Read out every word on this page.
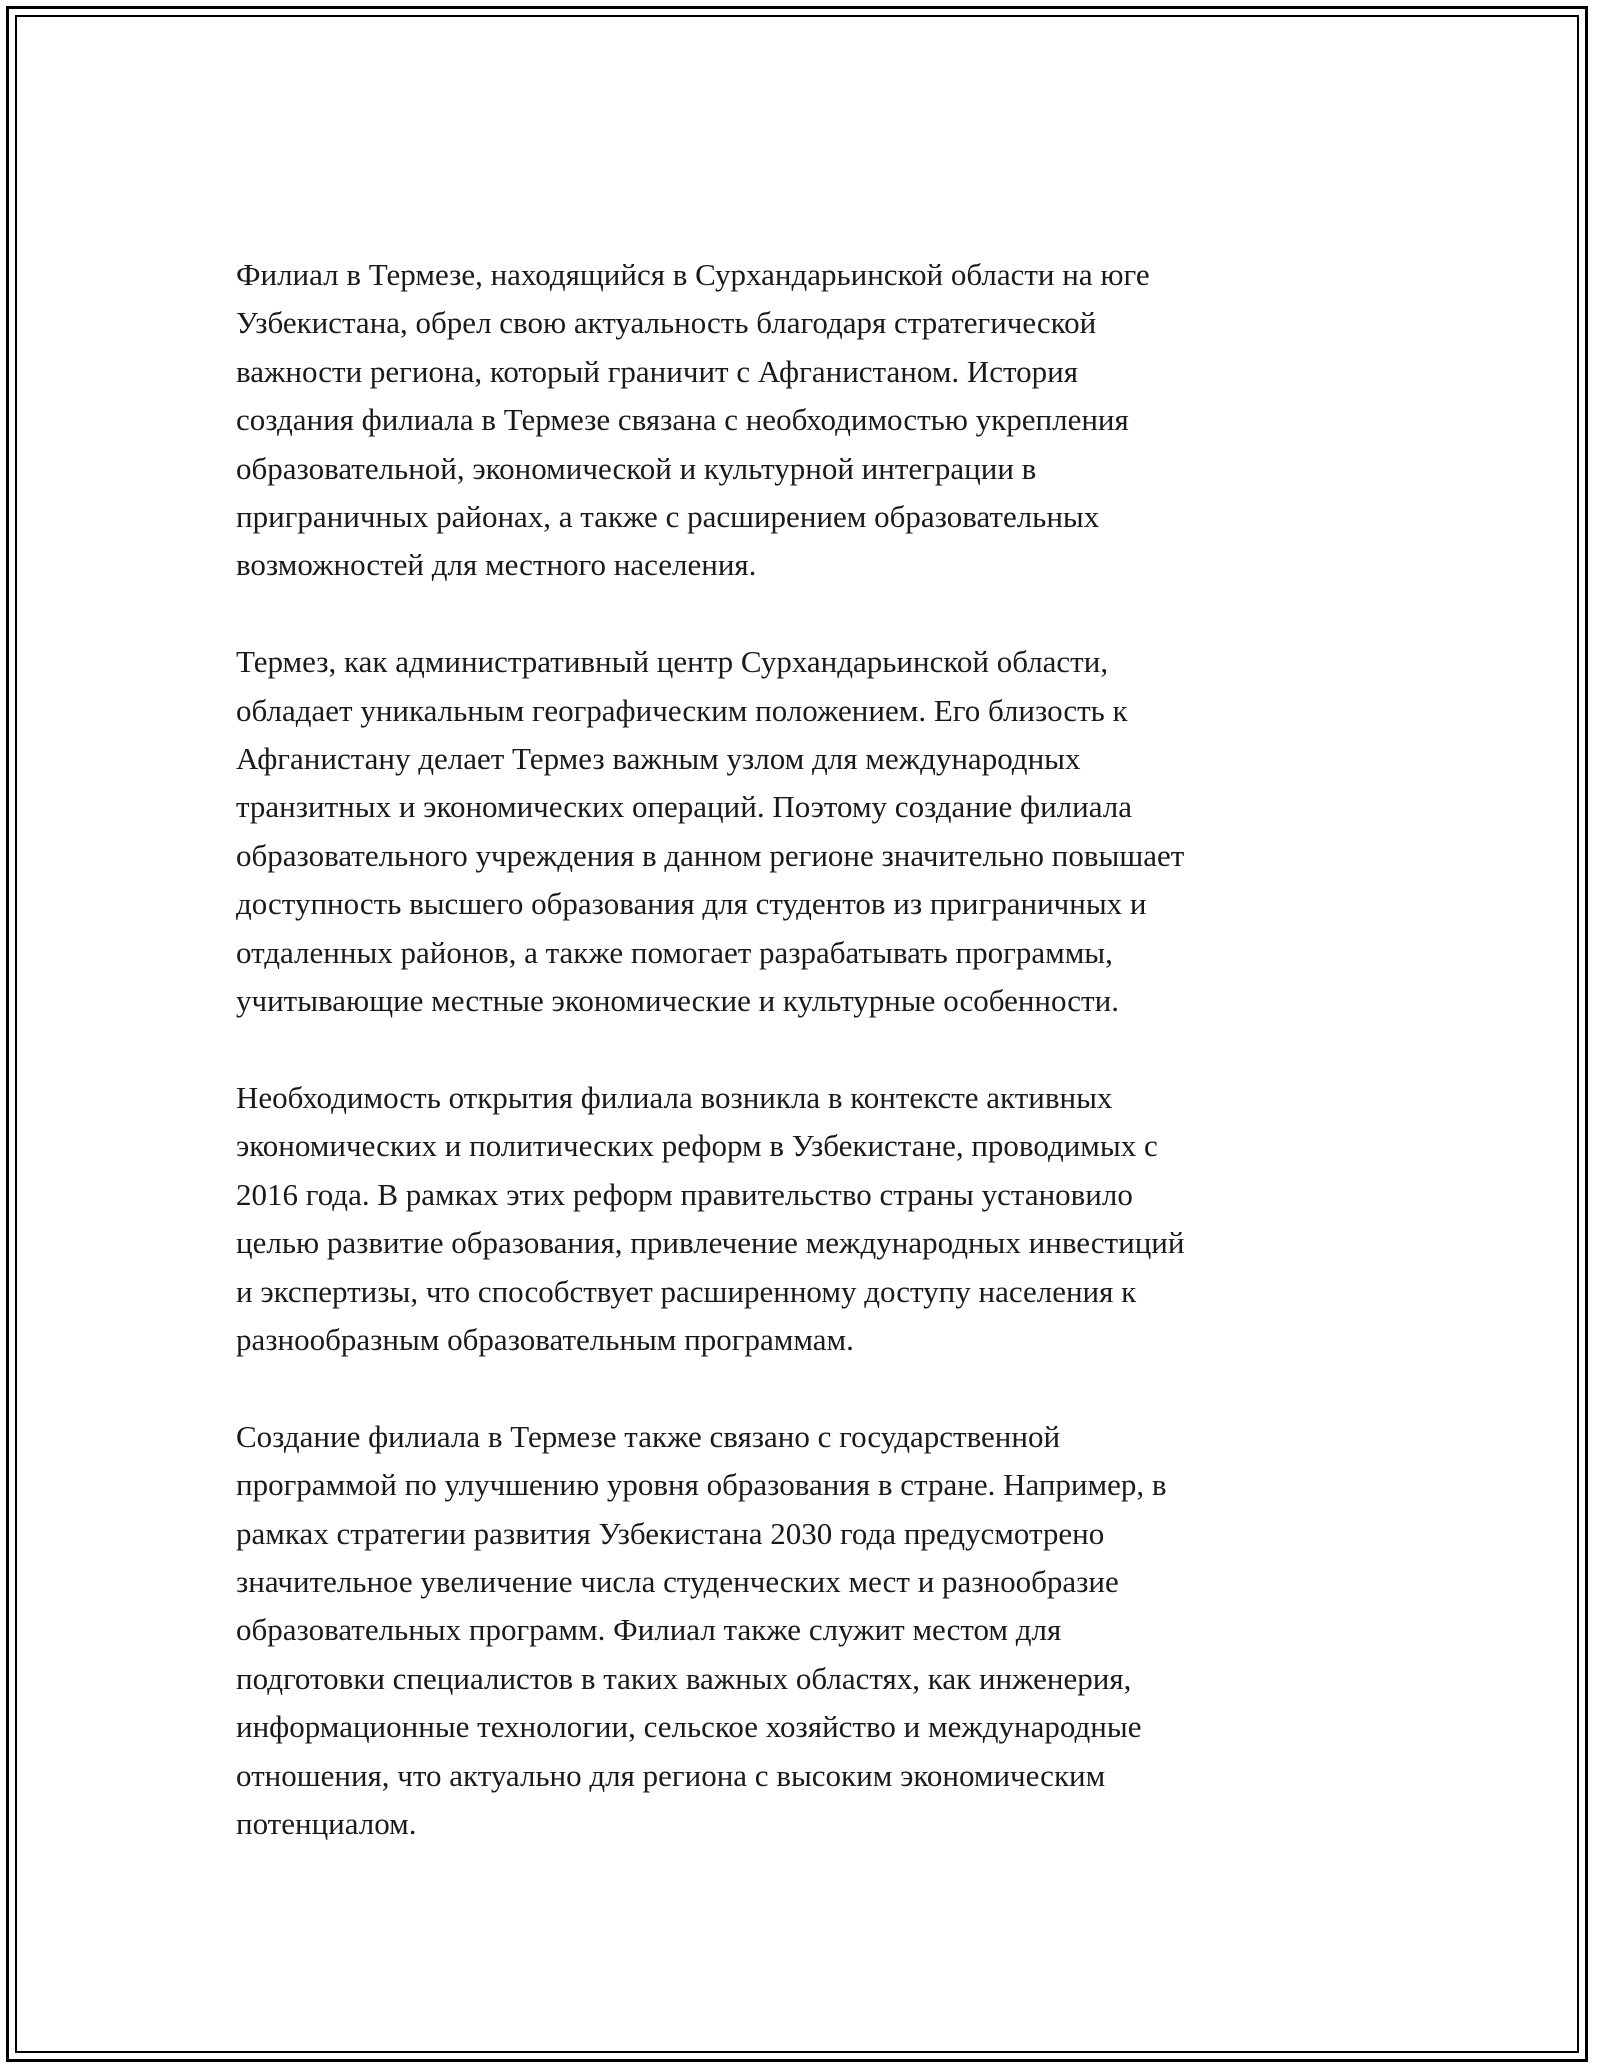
Филиал в Термезе, находящийся в Сурхандарьинской области на юге
Узбекистана, обрел свою актуальность благодаря стратегической
важности региона, который граничит с Афганистаном. История
создания филиала в Термезе связана с необходимостью укрепления
образовательной, экономической и культурной интеграции в
приграничных районах, а также с расширением образовательных
возможностей для местного населения.

Термез, как административный центр Сурхандарьинской области,
обладает уникальным географическим положением. Его близость к
Афганистану делает Термез важным узлом для международных
транзитных и экономических операций. Поэтому создание филиала
образовательного учреждения в данном регионе значительно повышает
доступность высшего образования для студентов из приграничных и
отдаленных районов, а также помогает разрабатывать программы,
учитывающие местные экономические и культурные особенности.

Необходимость открытия филиала возникла в контексте активных
экономических и политических реформ в Узбекистане, проводимых с
2016 года. В рамках этих реформ правительство страны установило
целью развитие образования, привлечение международных инвестиций
и экспертизы, что способствует расширенному доступу населения к
разнообразным образовательным программам.

Создание филиала в Термезе также связано с государственной
программой по улучшению уровня образования в стране. Например, в
рамках стратегии развития Узбекистана 2030 года предусмотрено
значительное увеличение числа студенческих мест и разнообразие
образовательных программ. Филиал также служит местом для
подготовки специалистов в таких важных областях, как инженерия,
информационные технологии, сельское хозяйство и международные
отношения, что актуально для региона с высоким экономическим
потенциалом.
